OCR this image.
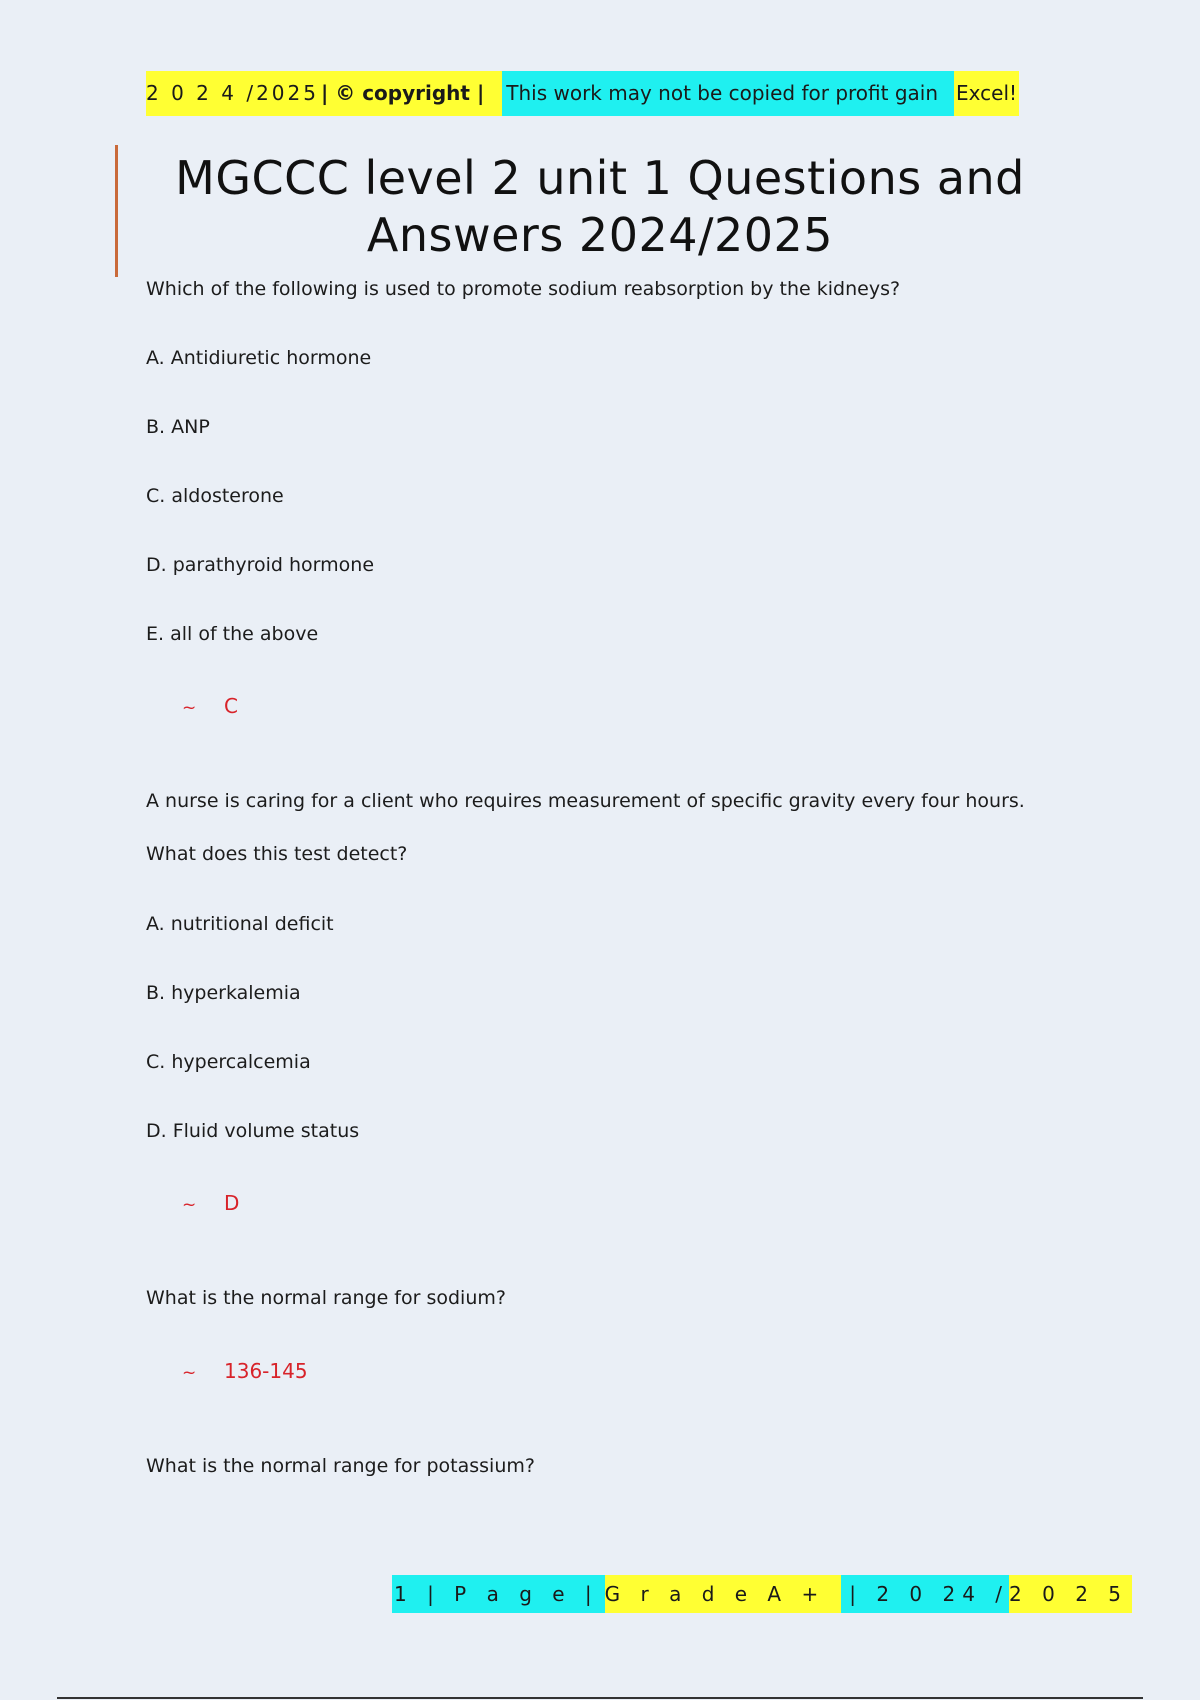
2 0 2 4 /2025 | © copyright |	This work may not be copied for profit gain Excel!
MGCCC level 2 unit 1 Questions and Answers 2024/2025
Which of the following is used to promote sodium reabsorption by the kidneys?
A. Antidiuretic hormone
B. ANP
C. aldosterone
D. parathyroid hormone
E. all of the above
~ C
A nurse is caring for a client who requires measurement of specific gravity every four hours.
What does this test detect?
A. nutritional deficit
B. hyperkalemia
C. hypercalcemia
D. Fluid volume status
~ D
What is the normal range for sodium?
~ 136-145
What is the normal range for potassium?
1 | P a g e | G r a d e A +	| 2 0 24 / 2 0 2 5
